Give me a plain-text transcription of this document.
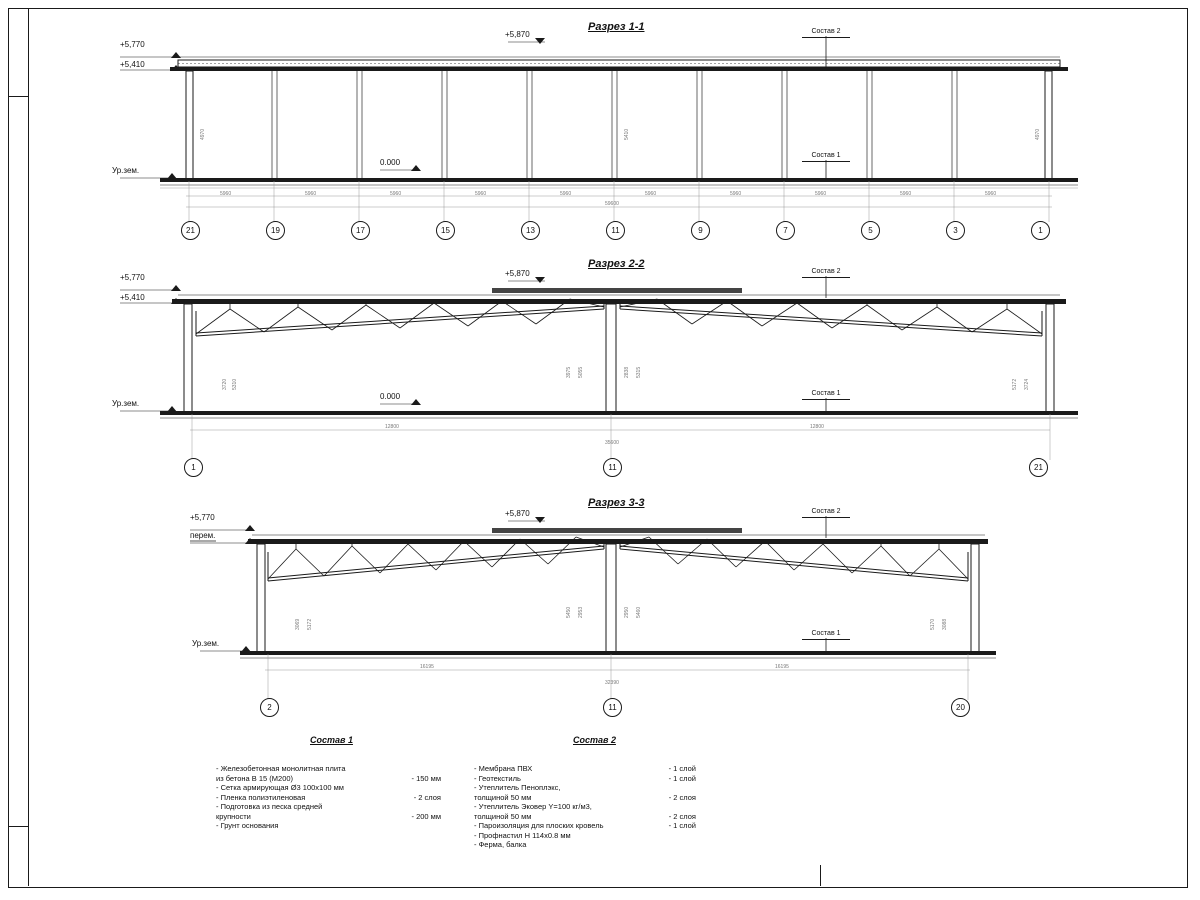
Разрез 1-1
+5,770
+5,410
+5,870
0.000
Ур.зем.
Состав 2
Состав 1
5960	5960	5960	5960	5960	5960	5960	5960	5960	5960
59600
4970	5410	4970
21	19	17	15	13	11	9	7	5	3	1
Разрез 2-2
+5,770
+5,410
+5,870
0.000
Ур.зем.
Состав 2
Состав 1
12800	12800
35600
3720 5310
3975 5055	2838 5315
5172 3724
1	11	21
Разрез 3-3
+5,770
перем.
+5,870
Ур.зем.
Состав 2
Состав 1
16195	16195
32390
3069 5172
5450 2953	2950 5460
5170 3088
2	11	20
Состав 1
- Железобетонная монолитная плита
из бетона В 15 (М200)	- 150 мм
- Сетка армирующая Ø3 100х100 мм
- Пленка полиэтиленовая	- 2 слоя
- Подготовка из песка средней
крупности	- 200 мм
- Грунт основания
Состав 2
- Мембрана ПВХ	- 1 слой
- Геотекстиль	- 1 слой
- Утеплитель Пеноплэкс,
толщиной 50 мм	- 2 слоя
- Утеплитель Эковер Y=100 кг/м3,
толщиной 50 мм	- 2 слоя
- Пароизоляция для плоских кровель	- 1 слой
- Профнастил Н 114х0.8 мм
- Ферма, балка
